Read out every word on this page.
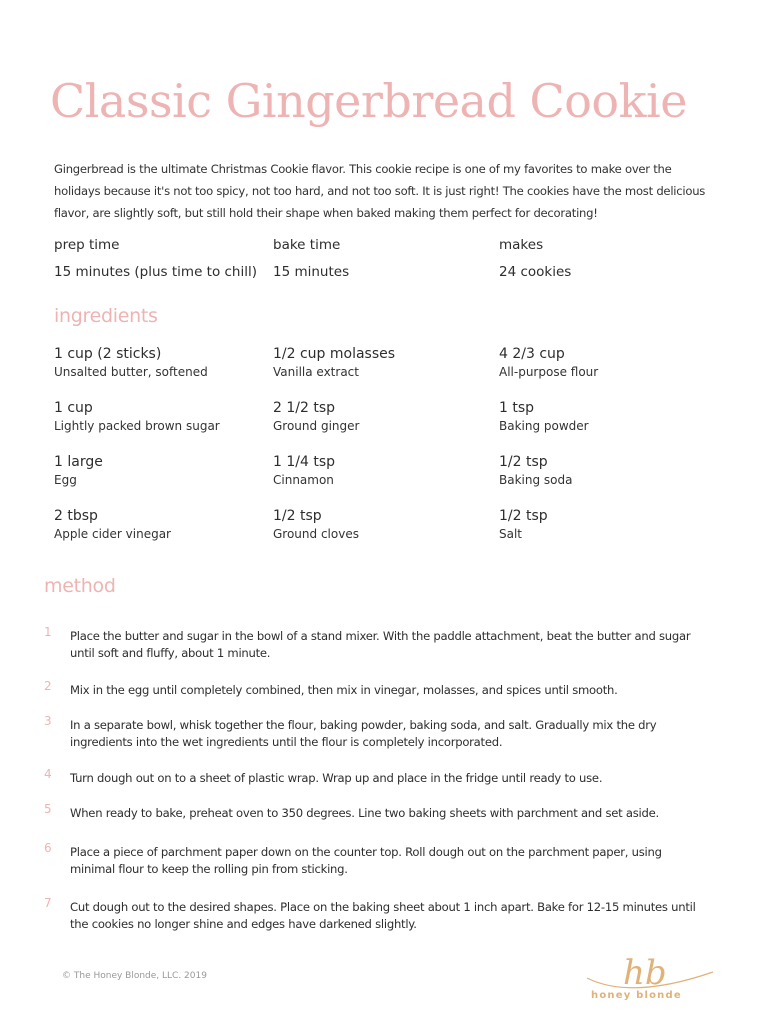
Classic Gingerbread Cookie

Gingerbread is the ultimate Christmas Cookie flavor. This cookie recipe is one of my favorites to make over the holidays because it's not too spicy, not too hard, and not too soft. It is just right! The cookies have the most delicious flavor, are slightly soft, but still hold their shape when baked making them perfect for decorating!

prep time
15 minutes (plus time to chill)
bake time
15 minutes
makes
24 cookies
ingredients
1 cup (2 sticks)
Unsalted butter, softened
1 cup
Lightly packed brown sugar
1 large
Egg
2 tbsp
Apple cider vinegar
1/2 cup molasses
Vanilla extract
2 1/2 tsp
Ground ginger
1 1/4 tsp
Cinnamon
1/2 tsp
Ground cloves
4 2/3 cup
All-purpose flour
1 tsp
Baking powder
1/2 tsp
Baking soda
1/2 tsp
Salt
method
1 Place the butter and sugar in the bowl of a stand mixer. With the paddle attachment, beat the butter and sugar until soft and fluffy, about 1 minute.
2 Mix in the egg until completely combined, then mix in vinegar, molasses, and spices until smooth.
3 In a separate bowl, whisk together the flour, baking powder, baking soda, and salt. Gradually mix the dry ingredients into the wet ingredients until the flour is completely incorporated.
4 Turn dough out on to a sheet of plastic wrap. Wrap up and place in the fridge until ready to use.
5 When ready to bake, preheat oven to 350 degrees. Line two baking sheets with parchment and set aside.
6 Place a piece of parchment paper down on the counter top. Roll dough out on the parchment paper, using minimal flour to keep the rolling pin from sticking.
7 Cut dough out to the desired shapes. Place on the baking sheet about 1 inch apart. Bake for 12-15 minutes until the cookies no longer shine and edges have darkened slightly.
© The Honey Blonde, LLC. 2019	hb
honey blonde
